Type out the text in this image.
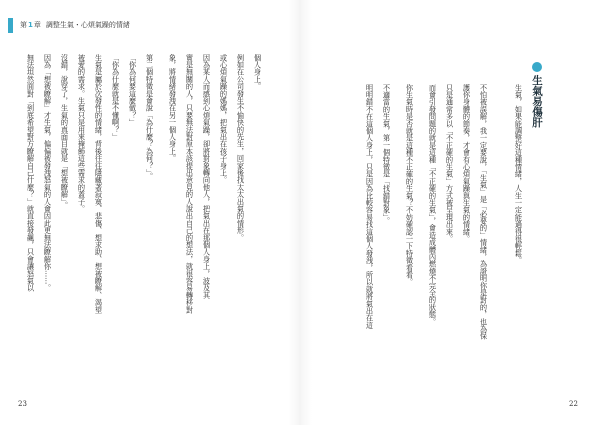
第1章 調整生氣・心煩氣躁的情緒
個人身上。
例如在公司發生不愉快的先生，回家後找太太出氣的情形。
或心煩氣躁的媽媽，把氣出在孩子身上。
因為某人而感到心煩氣躁，卻將對象轉向他人，把氣出在那個人身上，波及其
實是無關的人，只要無法對原本該提出意見的人說出自己的想法，就很容易轉移對
象，將情緒發洩在另一個人身上。
第二個特徵是會說「為什麼？為何？」。
「你為何要這麼做？」
「你為什麼就是不懂啊？」
生氣是屬於次發性的情緒，背後往往隱藏著寂寞、悲傷、想求助、想被瞭解、渴望
被愛的需求。生氣只是用來掩飾這些需求的蓋子。
沒錯，說穿了，生氣的真面目就是「想被瞭解」。
因為「想被瞭解」才生氣，偏偏被發洩怒氣的人會因此更無法瞭解你……。
無法坦然面對「到底希望對方瞭解自己什麼？」就直接發飆，只會讓怒氣以
23
生氣易傷肝
生氣，如果能調整好這種情緒，人生一定能過得很輕鬆。
不怕被誤解，我一定要說，「生氣」是「必要的」情緒，為證明你是對的，也為保
護你身體的節奏，才會有心煩氣躁與生氣的情緒。
只是通常多以「不正確的生氣」方式被呈現出來。
而會引發問題的就是這種「不正確的生氣」，會造成體內燃燒不完全的狀態。
你生氣時是否就是這種不正確的生氣？不妨確認一下特徵看看。
不適當的生氣，第一個特徵是「找錯對象」。
明明錯不在這個人身上，只是因為比較容易找這個人發洩，所以就將氣出在這
22
